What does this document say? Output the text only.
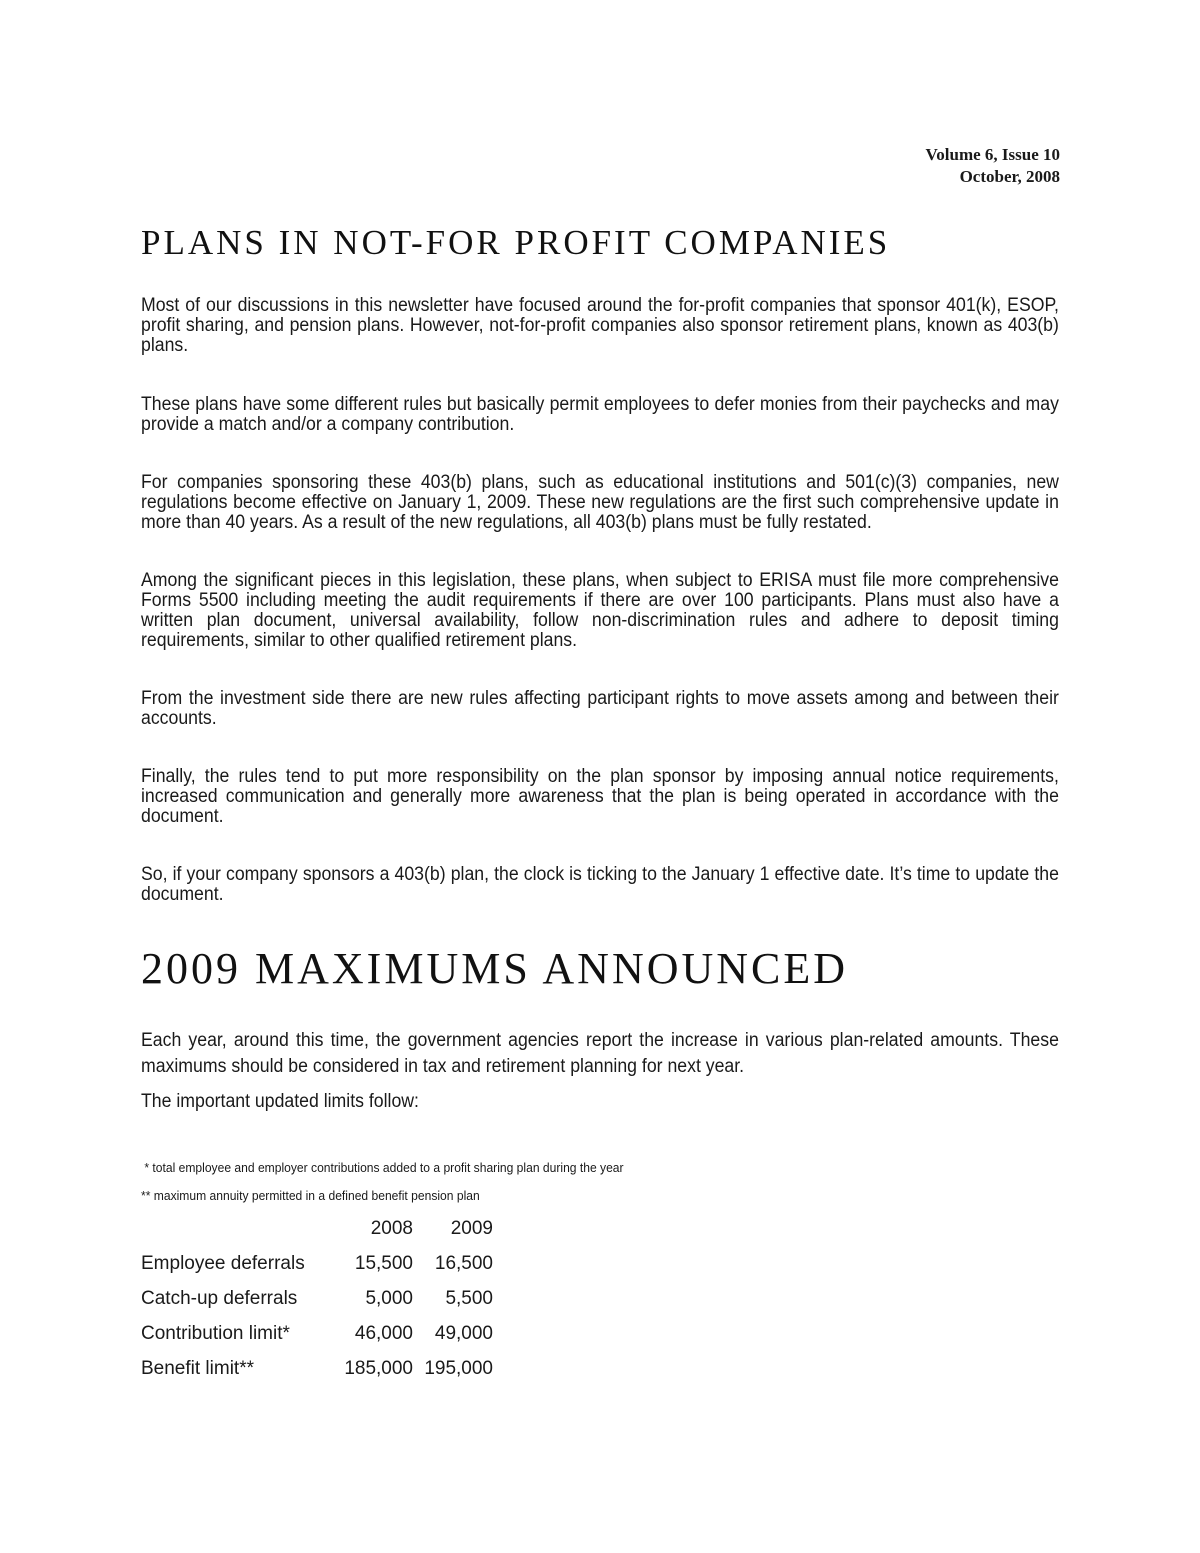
Volume 6, Issue 10
October, 2008
PLANS IN NOT-FOR PROFIT COMPANIES

Most of our discussions in this newsletter have focused around the for-profit companies that sponsor 401(k), ESOP, profit sharing, and pension plans. However, not-for-profit companies also sponsor retirement plans, known as 403(b) plans.

These plans have some different rules but basically permit employees to defer monies from their paychecks and may provide a match and/or a company contribution.

For companies sponsoring these 403(b) plans, such as educational institutions and 501(c)(3) companies, new regulations become effective on January 1, 2009. These new regulations are the first such comprehensive update in more than 40 years. As a result of the new regulations, all 403(b) plans must be fully restated.

Among the significant pieces in this legislation, these plans, when subject to ERISA must file more comprehensive Forms 5500 including meeting the audit requirements if there are over 100 participants. Plans must also have a written plan document, universal availability, follow non-discrimination rules and adhere to deposit timing requirements, similar to other qualified retirement plans.

From the investment side there are new rules affecting participant rights to move assets among and between their accounts.

Finally, the rules tend to put more responsibility on the plan sponsor by imposing annual notice requirements, increased communication and generally more awareness that the plan is being operated in accordance with the document.

So, if your company sponsors a 403(b) plan, the clock is ticking to the January 1 effective date. It’s time to update the document.

2009 MAXIMUMS ANNOUNCED

Each year, around this time, the government agencies report the increase in various plan-related amounts. These maximums should be considered in tax and retirement planning for next year.

The important updated limits follow:

* total employee and employer contributions added to a profit sharing plan during the year

** maximum annuity permitted in a defined benefit pension plan

	2008	2009
Employee deferrals	15,500	16,500
Catch-up deferrals	5,000	5,500
Contribution limit*	46,000	49,000
Benefit limit**	185,000	195,000
